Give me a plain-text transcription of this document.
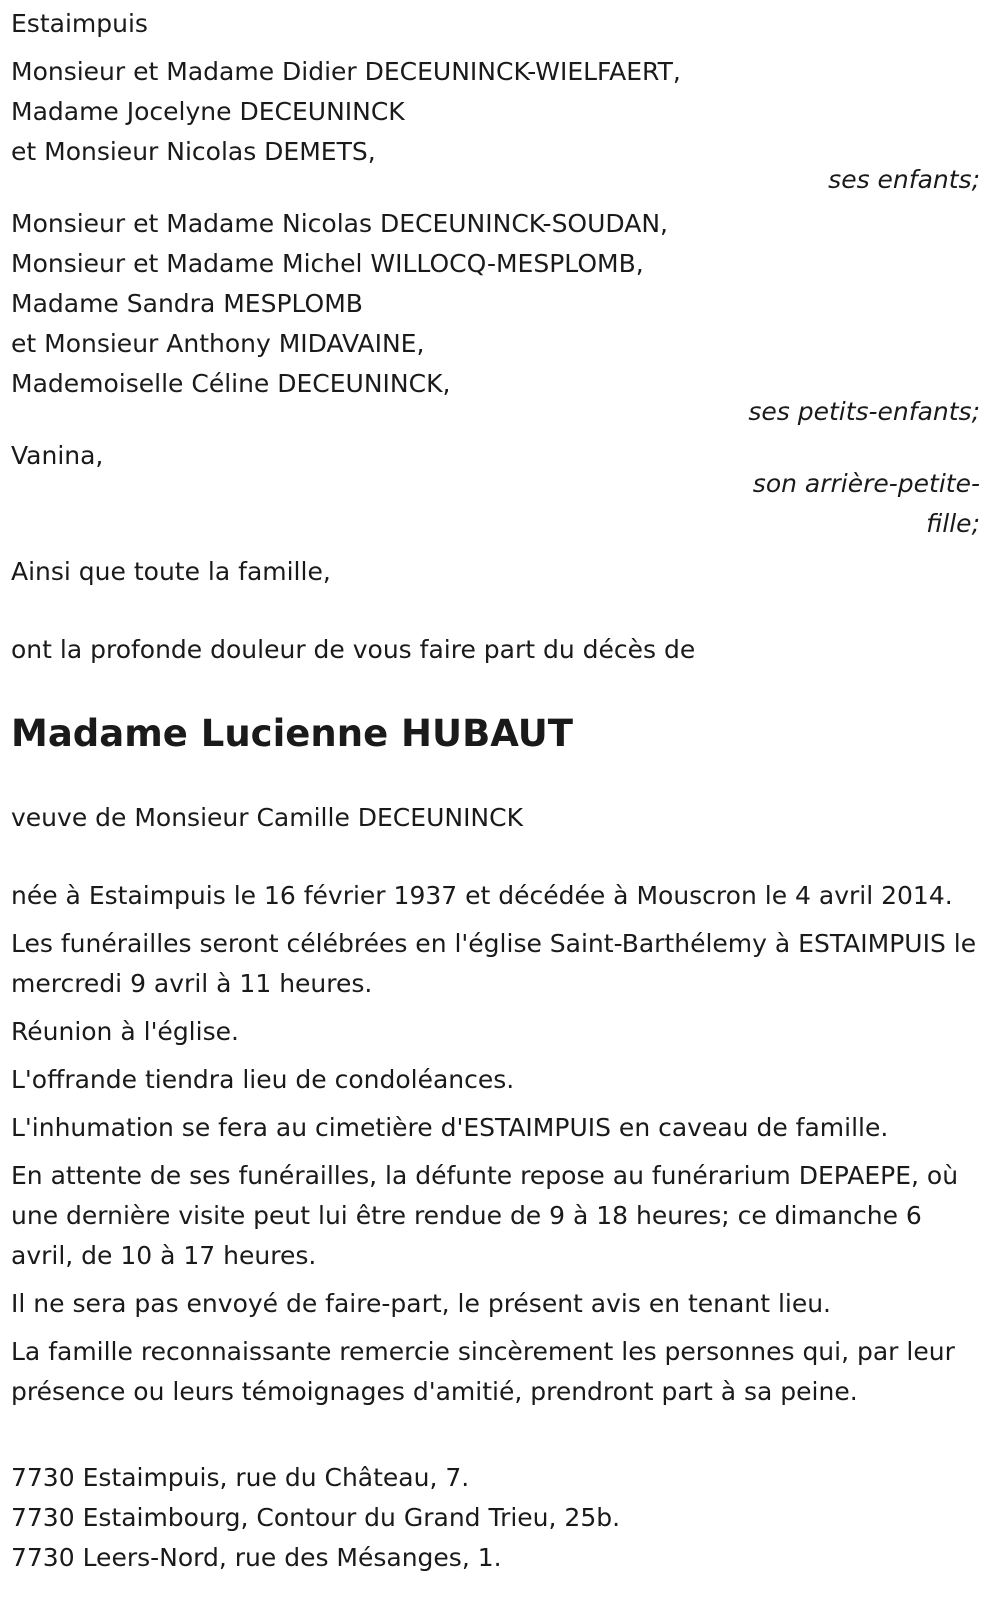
Estaimpuis
Monsieur et Madame Didier DECEUNINCK-WIELFAERT,
Madame Jocelyne DECEUNINCK
et Monsieur Nicolas DEMETS,
ses enfants;
Monsieur et Madame Nicolas DECEUNINCK-SOUDAN,
Monsieur et Madame Michel WILLOCQ-MESPLOMB,
Madame Sandra MESPLOMB
et Monsieur Anthony MIDAVAINE,
Mademoiselle Céline DECEUNINCK,
ses petits-enfants;
Vanina,
son arrière-petite-fille;
Ainsi que toute la famille,
ont la profonde douleur de vous faire part du décès de
Madame Lucienne HUBAUT
veuve de Monsieur Camille DECEUNINCK

née à Estaimpuis le 16 février 1937 et décédée à Mouscron le 4 avril 2014.

Les funérailles seront célébrées en l'église Saint-Barthélemy à ESTAIMPUIS le mercredi 9 avril à 11 heures.

Réunion à l'église.

L'offrande tiendra lieu de condoléances.

L'inhumation se fera au cimetière d'ESTAIMPUIS en caveau de famille.

En attente de ses funérailles, la défunte repose au funérarium DEPAEPE, où une dernière visite peut lui être rendue de 9 à 18 heures; ce dimanche 6 avril, de 10 à 17 heures.

Il ne sera pas envoyé de faire-part, le présent avis en tenant lieu.

La famille reconnaissante remercie sincèrement les personnes qui, par leur présence ou leurs témoignages d'amitié, prendront part à sa peine.

7730 Estaimpuis, rue du Château, 7.
7730 Estaimbourg, Contour du Grand Trieu, 25b.
7730 Leers-Nord, rue des Mésanges, 1.
